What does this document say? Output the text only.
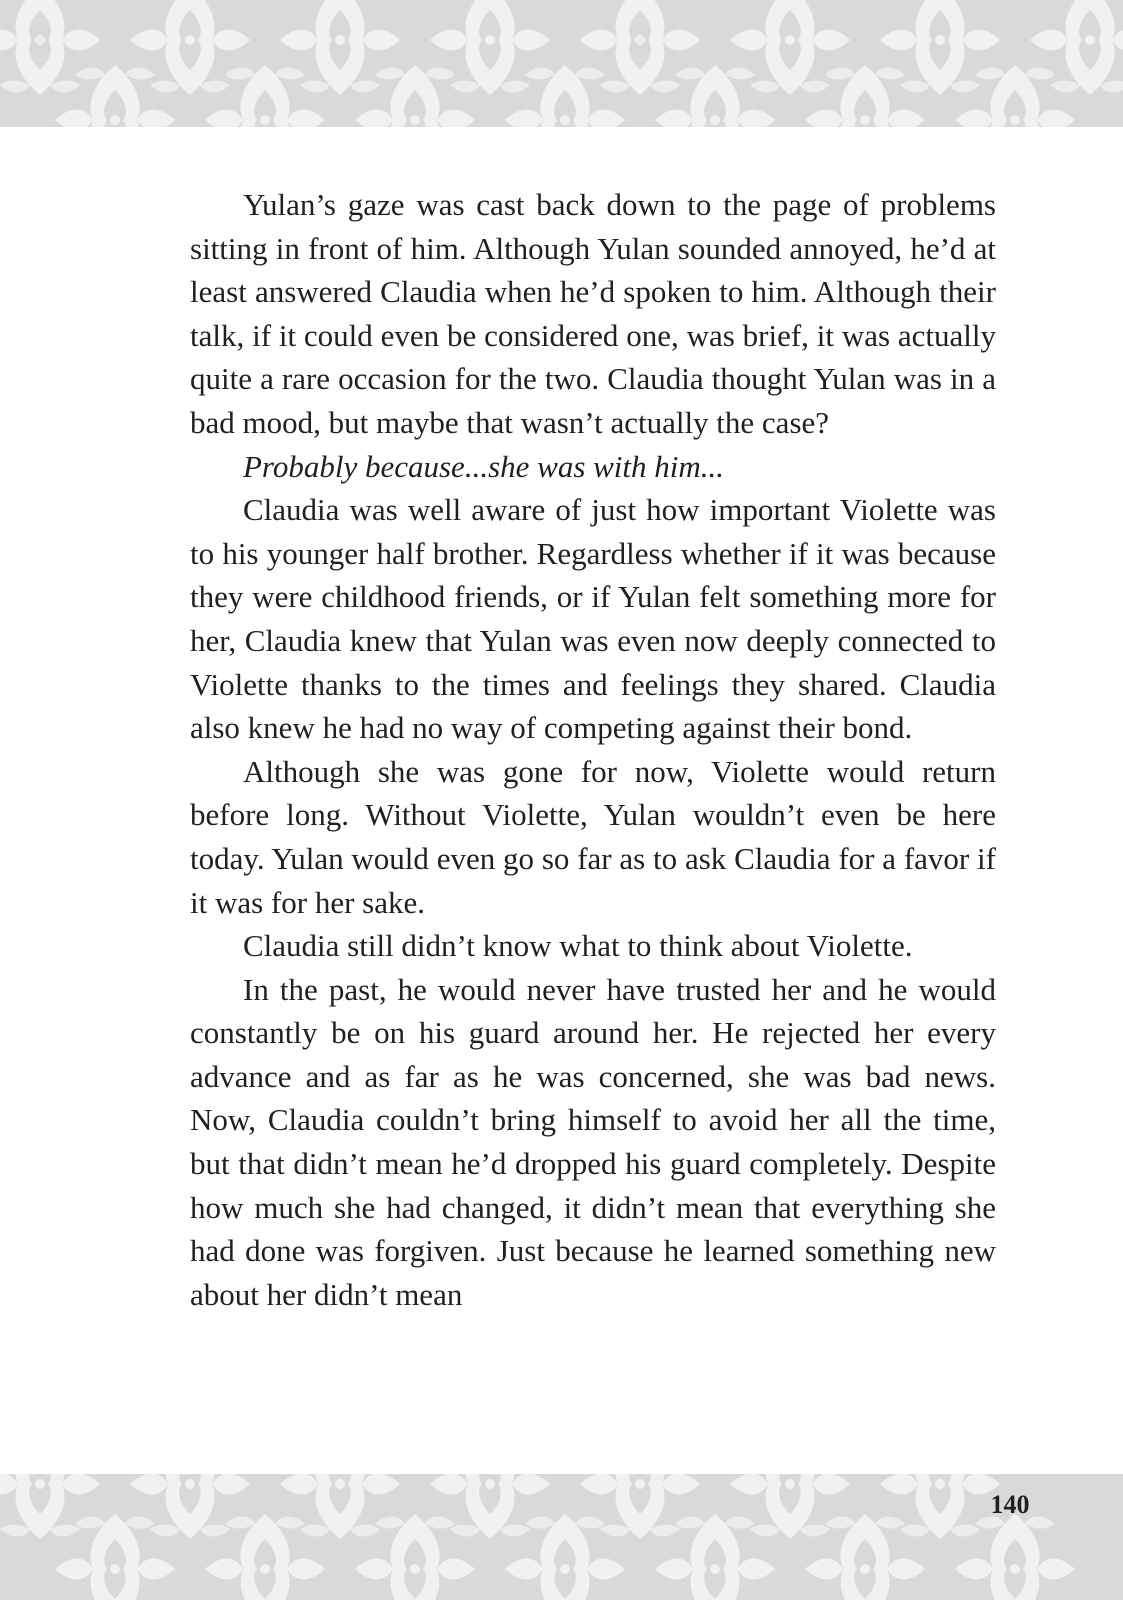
Yulan’s gaze was cast back down to the page of problems sitting in front of him. Although Yulan sounded annoyed, he’d at least answered Claudia when he’d spoken to him. Although their talk, if it could even be considered one, was brief, it was actually quite a rare occasion for the two. Claudia thought Yulan was in a bad mood, but maybe that wasn’t actually the case?

Probably because...she was with him...

Claudia was well aware of just how important Violette was to his younger half brother. Regardless whether if it was because they were childhood friends, or if Yulan felt something more for her, Claudia knew that Yulan was even now deeply connected to Violette thanks to the times and feelings they shared. Claudia also knew he had no way of competing against their bond.

Although she was gone for now, Violette would return before long. Without Violette, Yulan wouldn’t even be here today. Yulan would even go so far as to ask Claudia for a favor if it was for her sake.

Claudia still didn’t know what to think about Violette.

In the past, he would never have trusted her and he would constantly be on his guard around her. He rejected her every advance and as far as he was concerned, she was bad news. Now, Claudia couldn’t bring himself to avoid her all the time, but that didn’t mean he’d dropped his guard completely. Despite how much she had changed, it didn’t mean that everything she had done was forgiven. Just because he learned something new about her didn’t mean

140
